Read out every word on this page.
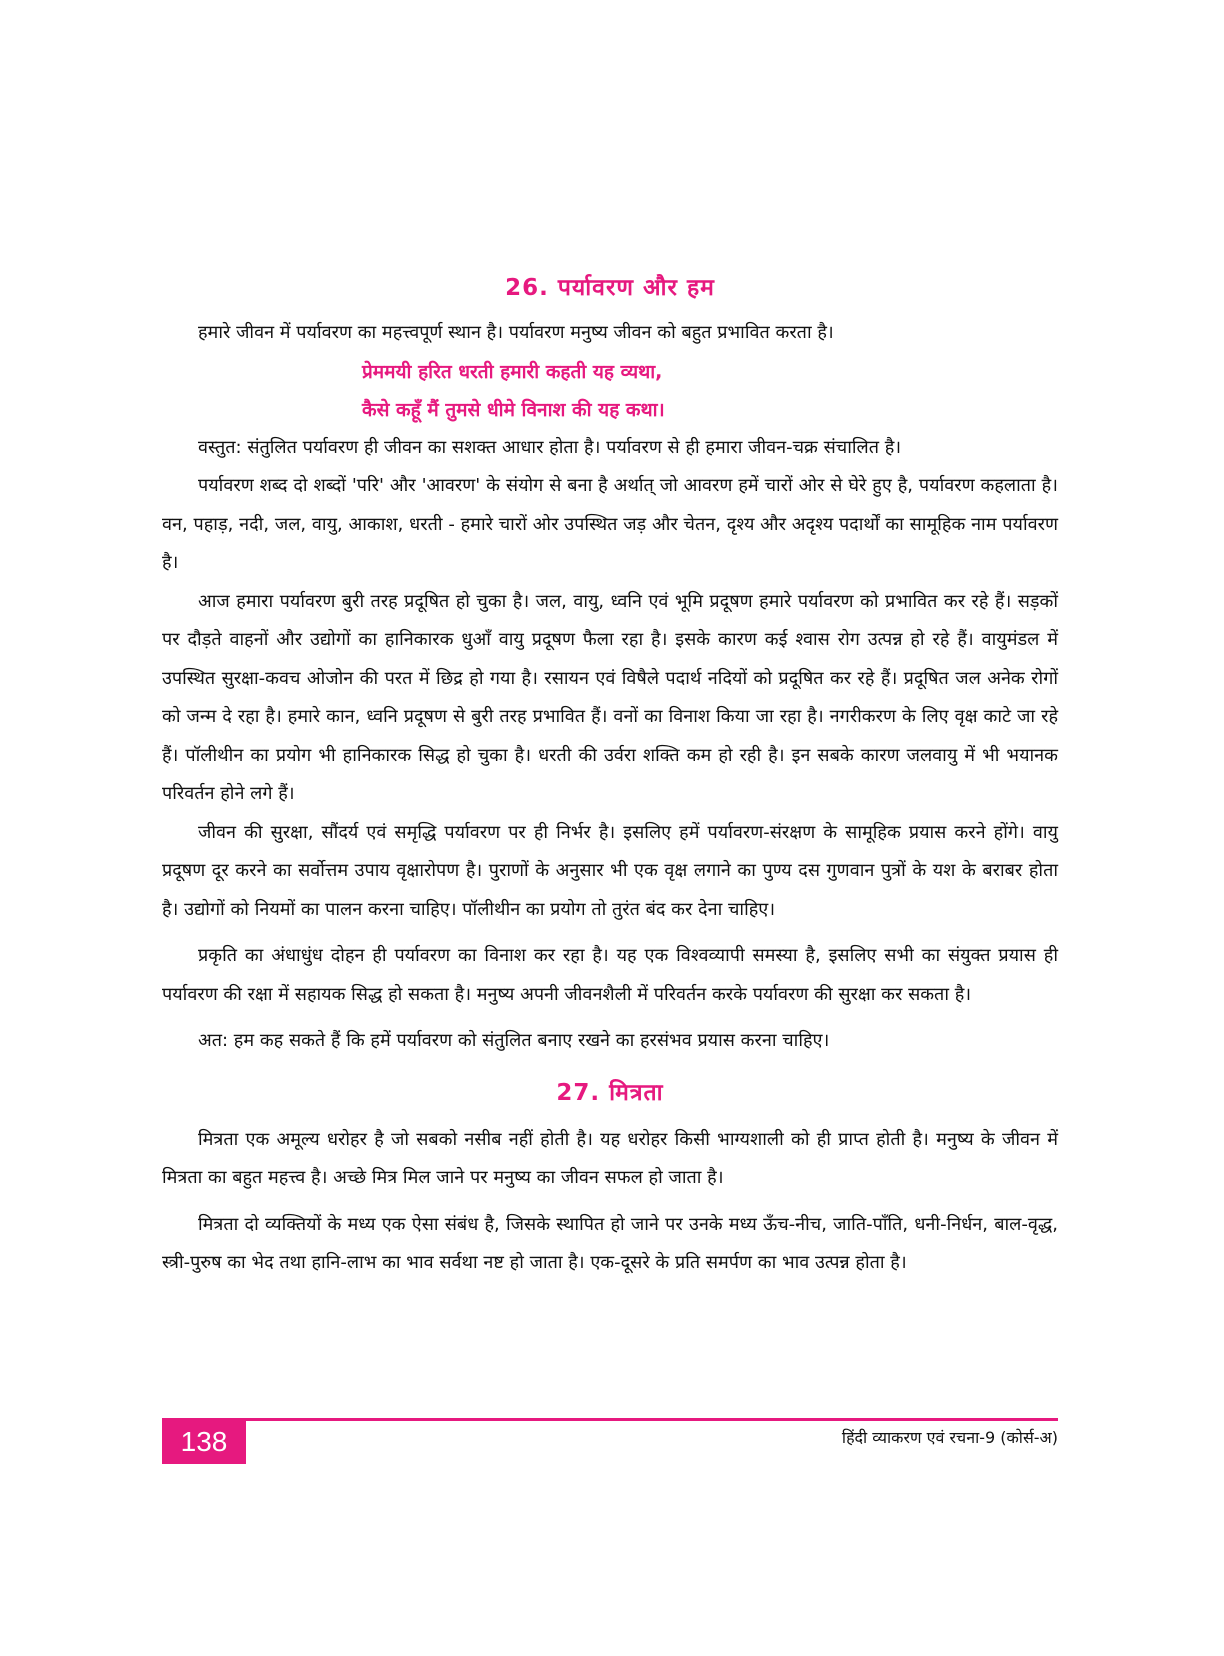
26. पर्यावरण और हम

हमारे जीवन में पर्यावरण का महत्त्वपूर्ण स्थान है। पर्यावरण मनुष्य जीवन को बहुत प्रभावित करता है।

प्रेममयी हरित धरती हमारी कहती यह व्यथा,

कैसे कहूँ मैं तुमसे धीमे विनाश की यह कथा।

वस्तुत: संतुलित पर्यावरण ही जीवन का सशक्त आधार होता है। पर्यावरण से ही हमारा जीवन-चक्र संचालित है।

पर्यावरण शब्द दो शब्दों 'परि' और 'आवरण' के संयोग से बना है अर्थात् जो आवरण हमें चारों ओर से घेरे हुए है, पर्यावरण कहलाता है। वन, पहाड़, नदी, जल, वायु, आकाश, धरती - हमारे चारों ओर उपस्थित जड़ और चेतन, दृश्य और अदृश्य पदार्थों का सामूहिक नाम पर्यावरण है।

आज हमारा पर्यावरण बुरी तरह प्रदूषित हो चुका है। जल, वायु, ध्वनि एवं भूमि प्रदूषण हमारे पर्यावरण को प्रभावित कर रहे हैं। सड़कों पर दौड़ते वाहनों और उद्योगों का हानिकारक धुआँ वायु प्रदूषण फैला रहा है। इसके कारण कई श्वास रोग उत्पन्न हो रहे हैं। वायुमंडल में उपस्थित सुरक्षा-कवच ओजोन की परत में छिद्र हो गया है। रसायन एवं विषैले पदार्थ नदियों को प्रदूषित कर रहे हैं। प्रदूषित जल अनेक रोगों को जन्म दे रहा है। हमारे कान, ध्वनि प्रदूषण से बुरी तरह प्रभावित हैं। वनों का विनाश किया जा रहा है। नगरीकरण के लिए वृक्ष काटे जा रहे हैं। पॉलीथीन का प्रयोग भी हानिकारक सिद्ध हो चुका है। धरती की उर्वरा शक्ति कम हो रही है। इन सबके कारण जलवायु में भी भयानक परिवर्तन होने लगे हैं।

जीवन की सुरक्षा, सौंदर्य एवं समृद्धि पर्यावरण पर ही निर्भर है। इसलिए हमें पर्यावरण-संरक्षण के सामूहिक प्रयास करने होंगे। वायु प्रदूषण दूर करने का सर्वोत्तम उपाय वृक्षारोपण है। पुराणों के अनुसार भी एक वृक्ष लगाने का पुण्य दस गुणवान पुत्रों के यश के बराबर होता है। उद्योगों को नियमों का पालन करना चाहिए। पॉलीथीन का प्रयोग तो तुरंत बंद कर देना चाहिए।

प्रकृति का अंधाधुंध दोहन ही पर्यावरण का विनाश कर रहा है। यह एक विश्वव्यापी समस्या है, इसलिए सभी का संयुक्त प्रयास ही पर्यावरण की रक्षा में सहायक सिद्ध हो सकता है। मनुष्य अपनी जीवनशैली में परिवर्तन करके पर्यावरण की सुरक्षा कर सकता है।

अत: हम कह सकते हैं कि हमें पर्यावरण को संतुलित बनाए रखने का हरसंभव प्रयास करना चाहिए।

27. मित्रता

मित्रता एक अमूल्य धरोहर है जो सबको नसीब नहीं होती है। यह धरोहर किसी भाग्यशाली को ही प्राप्त होती है। मनुष्य के जीवन में मित्रता का बहुत महत्त्व है। अच्छे मित्र मिल जाने पर मनुष्य का जीवन सफल हो जाता है।

मित्रता दो व्यक्तियों के मध्य एक ऐसा संबंध है, जिसके स्थापित हो जाने पर उनके मध्य ऊँच-नीच, जाति-पाँति, धनी-निर्धन, बाल-वृद्ध, स्त्री-पुरुष का भेद तथा हानि-लाभ का भाव सर्वथा नष्ट हो जाता है। एक-दूसरे के प्रति समर्पण का भाव उत्पन्न होता है।

138	हिंदी व्याकरण एवं रचना-9 (कोर्स-अ)
